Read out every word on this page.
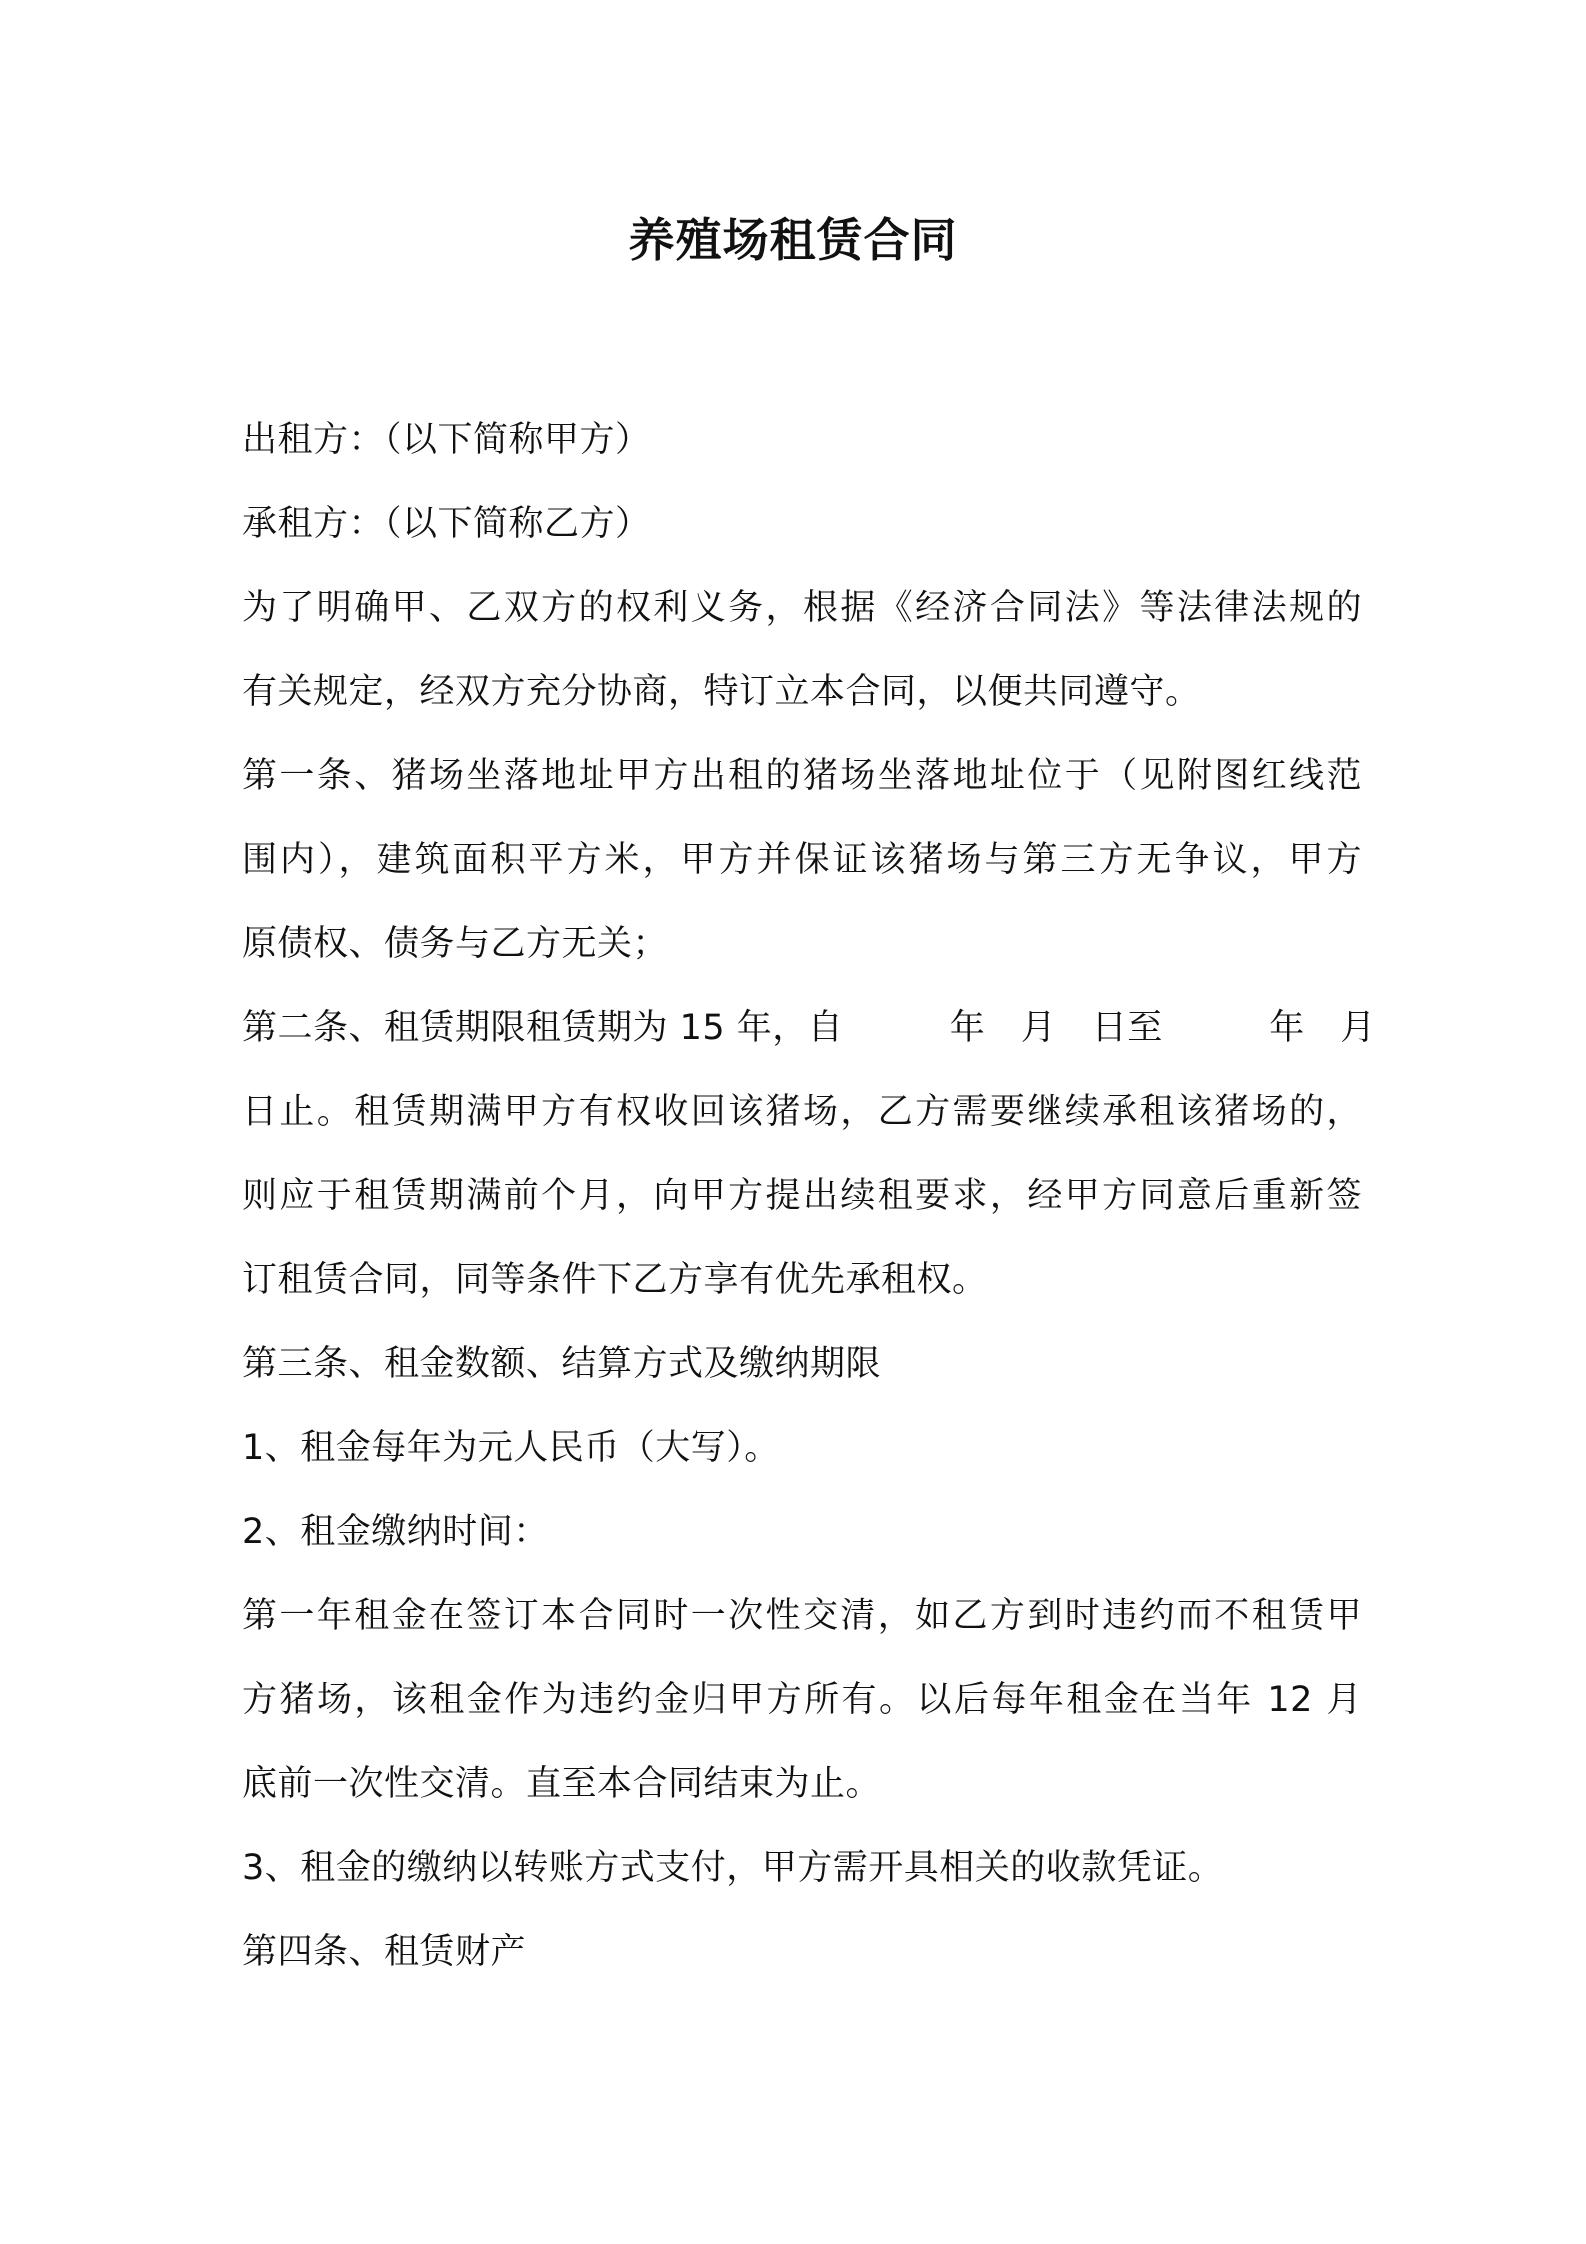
养殖场租赁合同
出租方：（以下简称甲方）
承租方：（以下简称乙方）
为了明确甲、乙双方的权利义务，根据《经济合同法》等法律法规的
有关规定，经双方充分协商，特订立本合同，以便共同遵守。
第一条、猪场坐落地址甲方出租的猪场坐落地址位于（见附图红线范
围内），建筑面积平方米，甲方并保证该猪场与第三方无争议，甲方
原债权、债务与乙方无关；
第二条、租赁期限租赁期为 15 年，自　　　年　月　日至　　　年　月
日止。租赁期满甲方有权收回该猪场，乙方需要继续承租该猪场的，
则应于租赁期满前个月，向甲方提出续租要求，经甲方同意后重新签
订租赁合同，同等条件下乙方享有优先承租权。
第三条、租金数额、结算方式及缴纳期限
1、租金每年为元人民币（大写）。
2、租金缴纳时间：
第一年租金在签订本合同时一次性交清，如乙方到时违约而不租赁甲
方猪场，该租金作为违约金归甲方所有。以后每年租金在当年 12 月
底前一次性交清。直至本合同结束为止。
3、租金的缴纳以转账方式支付，甲方需开具相关的收款凭证。
第四条、租赁财产
